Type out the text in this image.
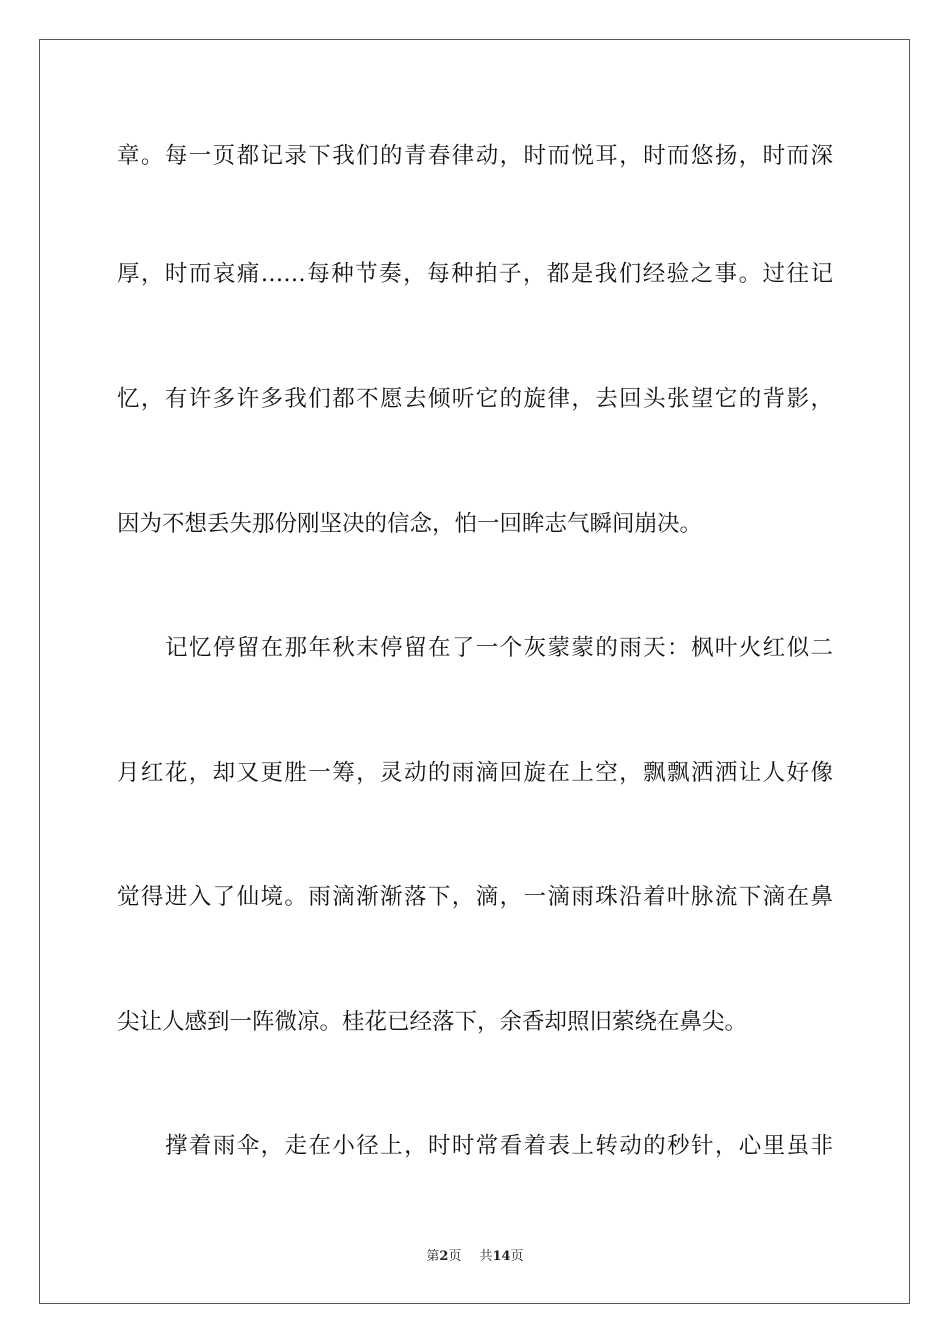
章。每一页都记录下我们的青春律动，时而悦耳，时而悠扬，时而深
厚，时而哀痛……每种节奏，每种拍子，都是我们经验之事。过往记
忆，有许多许多我们都不愿去倾听它的旋律，去回头张望它的背影，
因为不想丢失那份刚坚决的信念，怕一回眸志气瞬间崩决。
记忆停留在那年秋末停留在了一个灰蒙蒙的雨天：枫叶火红似二
月红花，却又更胜一筹，灵动的雨滴回旋在上空，飘飘洒洒让人好像
觉得进入了仙境。雨滴渐渐落下，滴，一滴雨珠沿着叶脉流下滴在鼻
尖让人感到一阵微凉。桂花已经落下，余香却照旧萦绕在鼻尖。
撑着雨伞，走在小径上，时时常看着表上转动的秒针，心里虽非
第2页 共14页
